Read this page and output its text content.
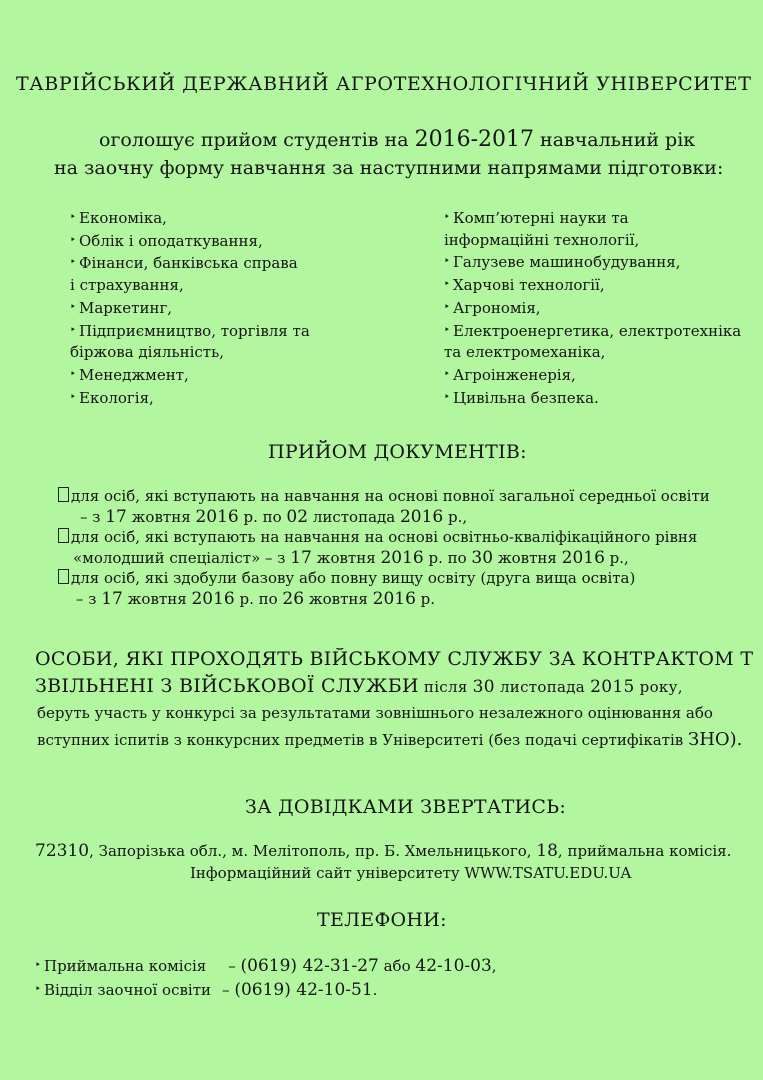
ТАВРІЙСЬКИЙ ДЕРЖАВНИЙ АГРОТЕХНОЛОГІЧНИЙ УНІВЕРСИТЕТ
оголошує прийом студентів на 2016-2017 навчальний рік
на заочну форму навчання за наступними напрямами підготовки:
‣ Економіка,
‣ Облік і оподаткування,
‣ Фінанси, банківська справа
і страхування,
‣ Маркетинг,
‣ Підприємництво, торгівля та
біржова діяльність,
‣ Менеджмент,
‣ Екологія,
‣ Комп’ютерні науки та
інформаційні технології,
‣ Галузеве машинобудування,
‣ Харчові технології,
‣ Агрономія,
‣ Електроенергетика, електротехніка
та електромеханіка,
‣ Агроінженерія,
‣ Цивільна безпека.
ПРИЙОМ ДОКУМЕНТІВ:
для осіб, які вступають на навчання на основі повної загальної середньої освіти
– з 17 жовтня 2016 р. по 02 листопада 2016 р.,
для осіб, які вступають на навчання на основі освітньо-кваліфікаційного рівня
«молодший спеціаліст» – з 17 жовтня 2016 р. по 30 жовтня 2016 р.,
для осіб, які здобули базову або повну вищу освіту (друга вища освіта)
– з 17 жовтня 2016 р. по 26 жовтня 2016 р.
ОСОБИ, ЯКІ ПРОХОДЯТЬ ВІЙСЬКОМУ СЛУЖБУ ЗА КОНТРАКТОМ Т
ЗВІЛЬНЕНІ З ВІЙСЬКОВОЇ СЛУЖБИ після 30 листопада 2015 року,
беруть участь у конкурсі за результатами зовнішнього незалежного оцінювання або
вступних іспитів з конкурсних предметів в Університеті (без подачі сертифікатів ЗНО).
ЗА ДОВІДКАМИ ЗВЕРТАТИСЬ:
72310, Запорізька обл., м. Мелітополь, пр. Б. Хмельницького, 18, приймальна комісія.
Інформаційний сайт університету WWW.TSATU.EDU.UA
ТЕЛЕФОНИ:
‣ Приймальна комісія – (0619) 42-31-27 або 42-10-03,
‣ Відділ заочної освіти – (0619) 42-10-51.
